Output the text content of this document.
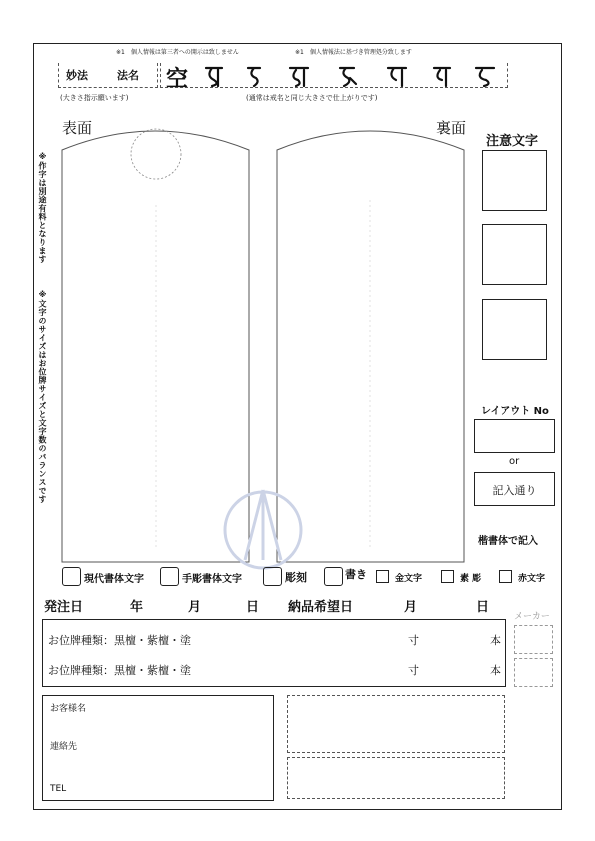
※1　個人情報は第三者への開示は致しません	※1　個人情報法に基づき管理処分致します
妙法	法名 空
(大きさ指示願います)	(通常は戒名と同じ大きさで仕上がりです)
表面	裏面
※作字は別途有料となります
※文字のサイズはお位牌サイズと文字数のバランスです
注意文字
レイアウト No
or
記入通り
楷書体で記入
現代書体文字	手彫書体文字	彫刻	書き	金文字	素 彫	赤文字
発注日	年	月	日 納品希望日	月	日
お位牌種類：黒檀・紫檀・塗	寸	本
お位牌種類：黒檀・紫檀・塗	寸	本
メーカー
お客様名
連絡先
TEL
